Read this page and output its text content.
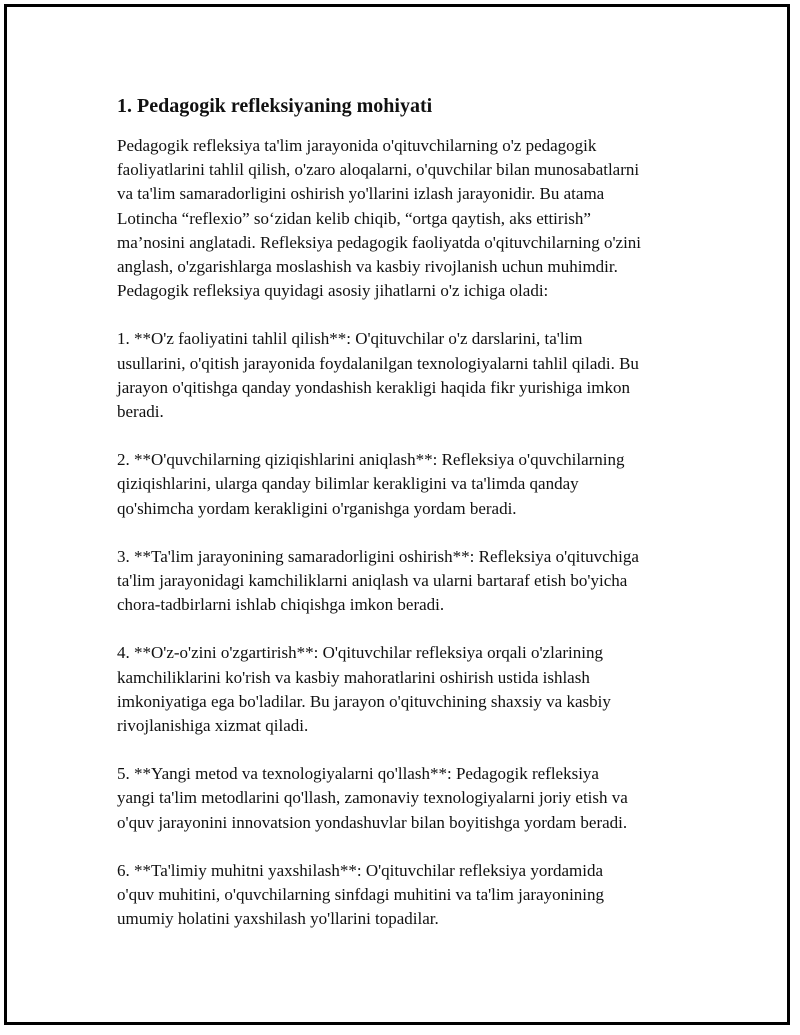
1. Pedagogik refleksiyaning mohiyati

Pedagogik refleksiya ta'lim jarayonida o'qituvchilarning o'z pedagogik
faoliyatlarini tahlil qilish, o'zaro aloqalarni, o'quvchilar bilan munosabatlarni
va ta'lim samaradorligini oshirish yo'llarini izlash jarayonidir. Bu atama
Lotincha “reflexio” so‘zidan kelib chiqib, “ortga qaytish, aks ettirish”
ma’nosini anglatadi. Refleksiya pedagogik faoliyatda o'qituvchilarning o'zini
anglash, o'zgarishlarga moslashish va kasbiy rivojlanish uchun muhimdir.
Pedagogik refleksiya quyidagi asosiy jihatlarni o'z ichiga oladi:

1. **O'z faoliyatini tahlil qilish**: O'qituvchilar o'z darslarini, ta'lim
usullarini, o'qitish jarayonida foydalanilgan texnologiyalarni tahlil qiladi. Bu
jarayon o'qitishga qanday yondashish kerakligi haqida fikr yurishiga imkon
beradi.

2. **O'quvchilarning qiziqishlarini aniqlash**: Refleksiya o'quvchilarning
qiziqishlarini, ularga qanday bilimlar kerakligini va ta'limda qanday
qo'shimcha yordam kerakligini o'rganishga yordam beradi.

3. **Ta'lim jarayonining samaradorligini oshirish**: Refleksiya o'qituvchiga
ta'lim jarayonidagi kamchiliklarni aniqlash va ularni bartaraf etish bo'yicha
chora-tadbirlarni ishlab chiqishga imkon beradi.

4. **O'z-o'zini o'zgartirish**: O'qituvchilar refleksiya orqali o'zlarining
kamchiliklarini ko'rish va kasbiy mahoratlarini oshirish ustida ishlash
imkoniyatiga ega bo'ladilar. Bu jarayon o'qituvchining shaxsiy va kasbiy
rivojlanishiga xizmat qiladi.

5. **Yangi metod va texnologiyalarni qo'llash**: Pedagogik refleksiya
yangi ta'lim metodlarini qo'llash, zamonaviy texnologiyalarni joriy etish va
o'quv jarayonini innovatsion yondashuvlar bilan boyitishga yordam beradi.

6. **Ta'limiy muhitni yaxshilash**: O'qituvchilar refleksiya yordamida
o'quv muhitini, o'quvchilarning sinfdagi muhitini va ta'lim jarayonining
umumiy holatini yaxshilash yo'llarini topadilar.
